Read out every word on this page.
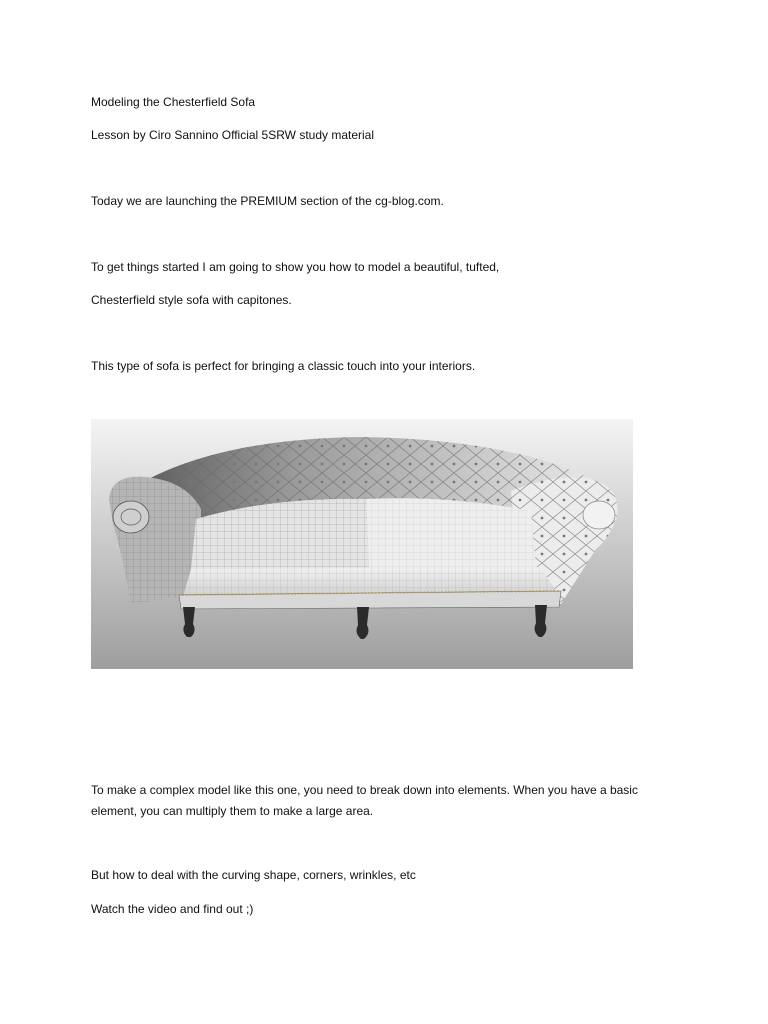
Modeling the Chesterfield Sofa

Lesson by Ciro Sannino Official 5SRW study material

Today we are launching the PREMIUM section of the cg-blog.com.

To get things started I am going to show you how to model a beautiful, tufted,

Chesterfield style sofa with capitones.

This type of sofa is perfect for bringing a classic touch into your interiors.

To make a complex model like this one, you need to break down into elements. When you have a basic

element, you can multiply them to make a large area.

But how to deal with the curving shape, corners, wrinkles, etc

Watch the video and find out ;)
